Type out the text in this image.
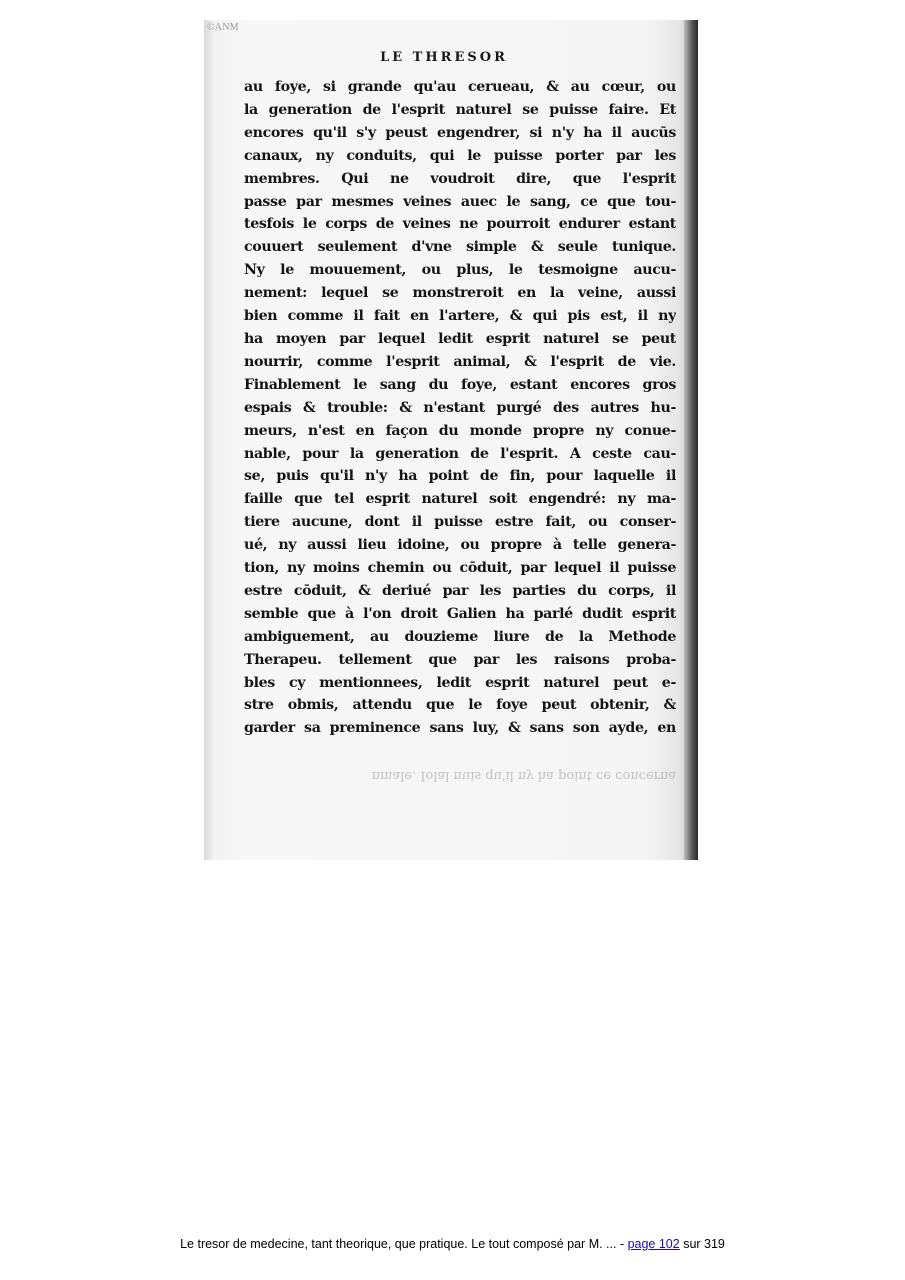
©ANM
LE THRESOR
au foye, si grande qu'au cerueau, & au cœur, ou
la generation de l'esprit naturel se puisse faire. Et
encores qu'il s'y peust engendrer, si n'y ha il aucūs
canaux, ny conduits, qui le puisse porter par les
membres. Qui ne voudroit dire, que l'esprit
passe par mesmes veines auec le sang, ce que tou-
tesfois le corps de veines ne pourroit endurer estant
couuert seulement d'vne simple & seule tunique.
Ny le mouuement, ou plus, le tesmoigne aucu-
nement: lequel se monstreroit en la veine, aussi
bien comme il fait en l'artere, & qui pis est, il ny
ha moyen par lequel ledit esprit naturel se peut
nourrir, comme l'esprit animal, & l'esprit de vie.
Finablement le sang du foye, estant encores gros
espais & trouble: & n'estant purgé des autres hu-
meurs, n'est en façon du monde propre ny conue-
nable, pour la generation de l'esprit. A ceste cau-
se, puis qu'il n'y ha point de fin, pour laquelle il
faille que tel esprit naturel soit engendré: ny ma-
tiere aucune, dont il puisse estre fait, ou conser-
ué, ny aussi lieu idoine, ou propre à telle genera-
tion, ny moins chemin ou cōduit, par lequel il puisse
estre cōduit, & deriué par les parties du corps, il
semble que à l'on droit Galien ha parlé dudit esprit
ambiguement, au douzieme liure de la Methode
Therapeu. tellement que par les raisons proba-
bles cy mentionnees, ledit esprit naturel peut e-
stre obmis, attendu que le foye peut obtenir, &
garder sa preminence sans luy, & sans son ayde, en
nmale. Iolal nuis qu'il ny ha point ce concerna
Le tresor de medecine, tant theorique, que pratique. Le tout composé par M. ... - page 102 sur 319
